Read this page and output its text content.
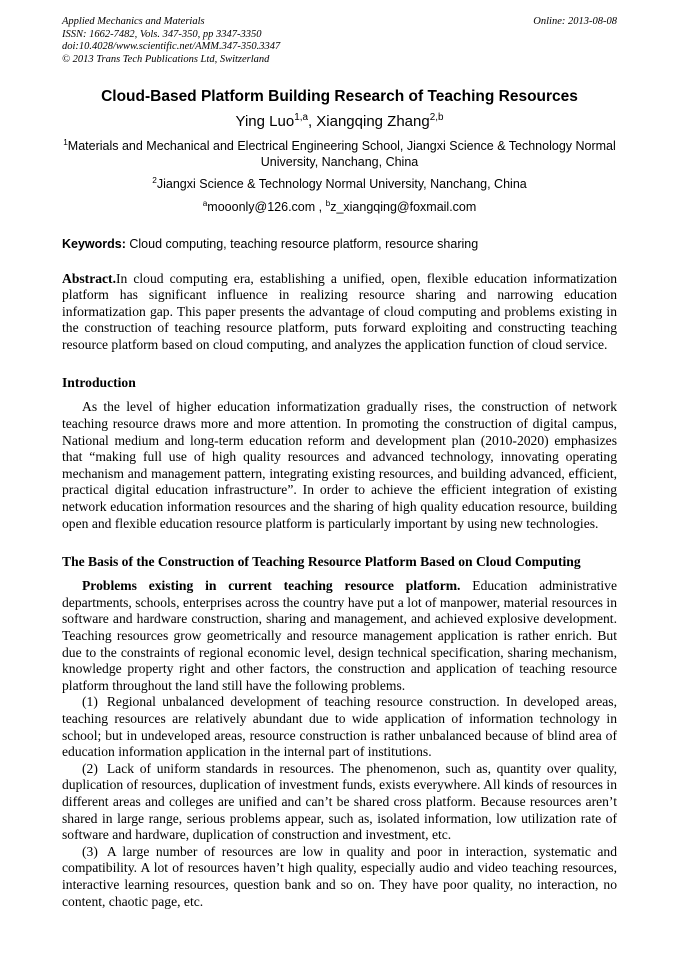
Applied Mechanics and Materials
ISSN: 1662-7482, Vols. 347-350, pp 3347-3350
doi:10.4028/www.scientific.net/AMM.347-350.3347
© 2013 Trans Tech Publications Ltd, Switzerland
Online: 2013-08-08
Cloud-Based Platform Building Research of Teaching Resources

Ying Luo$^{1,a}$, Xiangqing Zhang$^{2,b}$

$^1$Materials and Mechanical and Electrical Engineering School, Jiangxi Science & Technology Normal University, Nanchang, China

$^2$Jiangxi Science & Technology Normal University, Nanchang, China

$^a$mooonly@126.com , $^b$z_xiangqing@foxmail.com

Keywords: Cloud computing, teaching resource platform, resource sharing

Abstract.In cloud computing era, establishing a unified, open, flexible education informatization platform has significant influence in realizing resource sharing and narrowing education informatization gap. This paper presents the advantage of cloud computing and problems existing in the construction of teaching resource platform, puts forward exploiting and constructing teaching resource platform based on cloud computing, and analyzes the application function of cloud service.

Introduction

As the level of higher education informatization gradually rises, the construction of network teaching resource draws more and more attention. In promoting the construction of digital campus, National medium and long-term education reform and development plan (2010-2020) emphasizes that “making full use of high quality resources and advanced technology, innovating operating mechanism and management pattern, integrating existing resources, and building advanced, efficient, practical digital education infrastructure”. In order to achieve the efficient integration of existing network education information resources and the sharing of high quality education resource, building open and flexible education resource platform is particularly important by using new technologies.

The Basis of the Construction of Teaching Resource Platform Based on Cloud Computing

Problems existing in current teaching resource platform. Education administrative departments, schools, enterprises across the country have put a lot of manpower, material resources in software and hardware construction, sharing and management, and achieved explosive development. Teaching resources grow geometrically and resource management application is rather enrich. But due to the constraints of regional economic level, design technical specification, sharing mechanism, knowledge property right and other factors, the construction and application of teaching resource platform throughout the land still have the following problems.

(1) Regional unbalanced development of teaching resource construction. In developed areas, teaching resources are relatively abundant due to wide application of information technology in school; but in undeveloped areas, resource construction is rather unbalanced because of blind area of education information application in the internal part of institutions.

(2) Lack of uniform standards in resources. The phenomenon, such as, quantity over quality, duplication of resources, duplication of investment funds, exists everywhere. All kinds of resources in different areas and colleges are unified and can’t be shared cross platform. Because resources aren’t shared in large range, serious problems appear, such as, isolated information, low utilization rate of software and hardware, duplication of construction and investment, etc.

(3) A large number of resources are low in quality and poor in interaction, systematic and compatibility. A lot of resources haven’t high quality, especially audio and video teaching resources, interactive learning resources, question bank and so on. They have poor quality, no interaction, no content, chaotic page, etc.
